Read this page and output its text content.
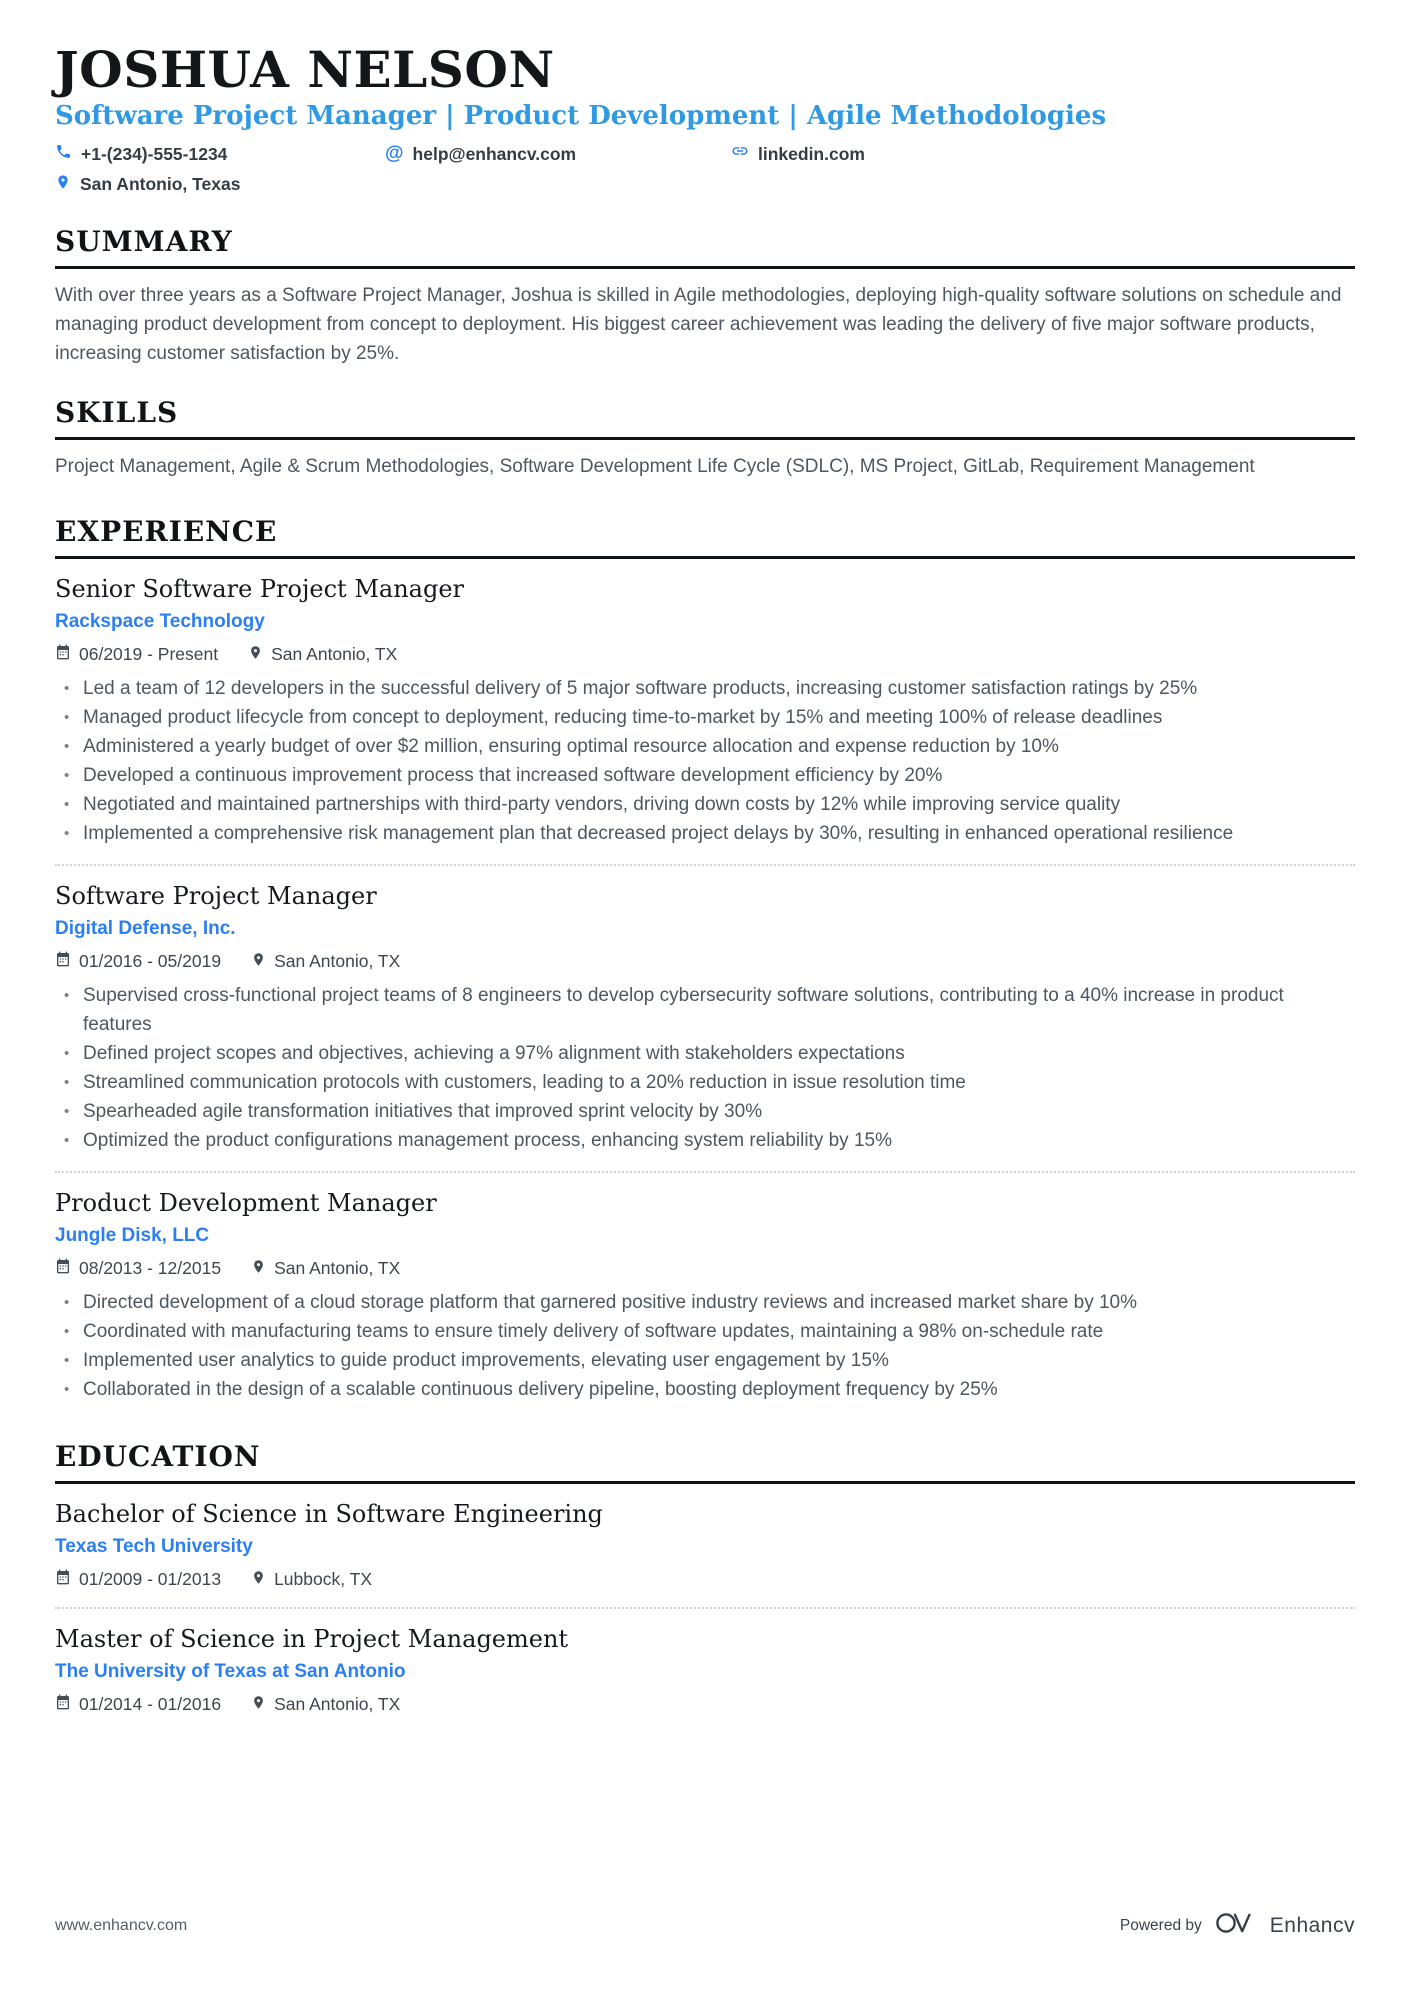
JOSHUA NELSON
Software Project Manager | Product Development | Agile Methodologies
+1-(234)-555-1234	@ help@enhancv.com	linkedin.com
San Antonio, Texas
SUMMARY
With over three years as a Software Project Manager, Joshua is skilled in Agile methodologies, deploying high-quality software solutions on schedule and managing product development from concept to deployment. His biggest career achievement was leading the delivery of five major software products, increasing customer satisfaction by 25%.
SKILLS
Project Management, Agile & Scrum Methodologies, Software Development Life Cycle (SDLC), MS Project, GitLab, Requirement Management
EXPERIENCE
Senior Software Project Manager
Rackspace Technology
06/2019 - Present	San Antonio, TX
• Led a team of 12 developers in the successful delivery of 5 major software products, increasing customer satisfaction ratings by 25%
• Managed product lifecycle from concept to deployment, reducing time-to-market by 15% and meeting 100% of release deadlines
• Administered a yearly budget of over $2 million, ensuring optimal resource allocation and expense reduction by 10%
• Developed a continuous improvement process that increased software development efficiency by 20%
• Negotiated and maintained partnerships with third-party vendors, driving down costs by 12% while improving service quality
• Implemented a comprehensive risk management plan that decreased project delays by 30%, resulting in enhanced operational resilience
Software Project Manager
Digital Defense, Inc.
01/2016 - 05/2019	San Antonio, TX
• Supervised cross-functional project teams of 8 engineers to develop cybersecurity software solutions, contributing to a 40% increase in product features
• Defined project scopes and objectives, achieving a 97% alignment with stakeholders expectations
• Streamlined communication protocols with customers, leading to a 20% reduction in issue resolution time
• Spearheaded agile transformation initiatives that improved sprint velocity by 30%
• Optimized the product configurations management process, enhancing system reliability by 15%
Product Development Manager
Jungle Disk, LLC
08/2013 - 12/2015	San Antonio, TX
• Directed development of a cloud storage platform that garnered positive industry reviews and increased market share by 10%
• Coordinated with manufacturing teams to ensure timely delivery of software updates, maintaining a 98% on-schedule rate
• Implemented user analytics to guide product improvements, elevating user engagement by 15%
• Collaborated in the design of a scalable continuous delivery pipeline, boosting deployment frequency by 25%
EDUCATION
Bachelor of Science in Software Engineering
Texas Tech University
01/2009 - 01/2013	Lubbock, TX
Master of Science in Project Management
The University of Texas at San Antonio
01/2014 - 01/2016	San Antonio, TX
www.enhancv.com	Powered by	Enhancv
